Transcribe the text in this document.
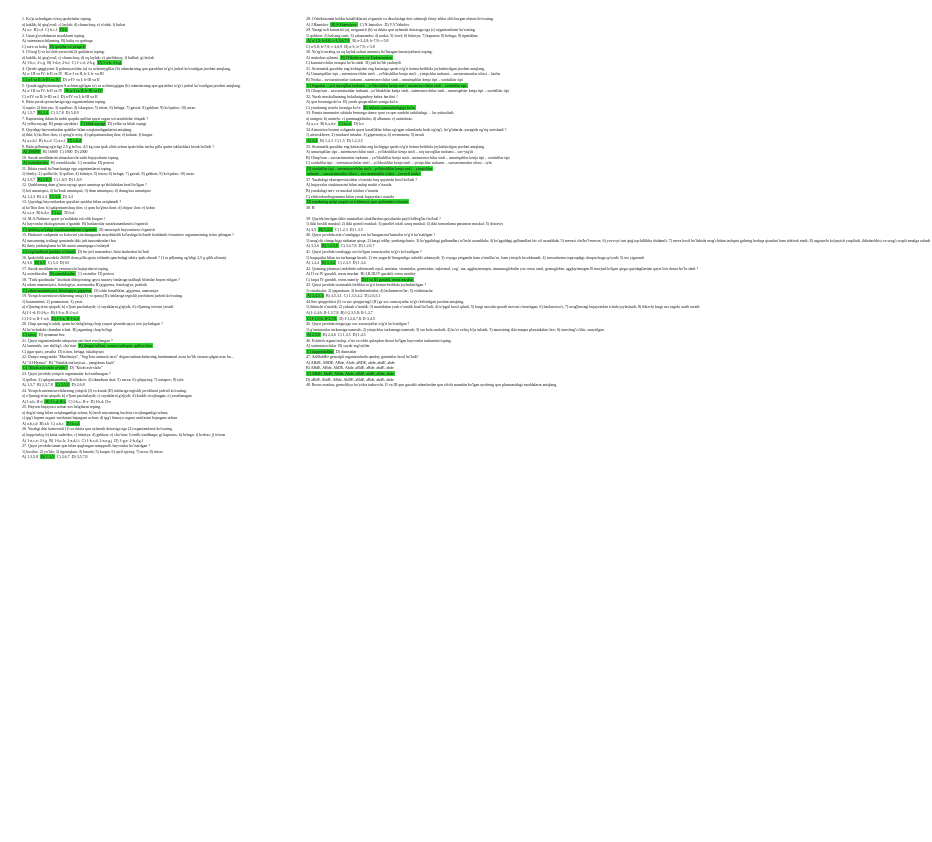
1. Ko'ja uchadigan o'rtoq qushchalar toping.
a) kaklik; b) qirg'ovul; c) laylak; d) chumchuq; e) o'rdak; f) kulrat
A) a,c B) c,d C) b,c,f D) b
2. Uzun g'ovakdaasni suyaklarni toping.
A) sutemizuvchilarning B) baliq va qurbaqa
C) sora va baliq D) qushlar va yirtqich
3. O'troq(1) va ko'chib yuruvchi(2) qushlarni toping.
a) kaklik; b) qirg'ovul; c) chumchuq; d) oq laylak; e) qizilishtoq; f) bulbul; g) laylak
A) 1-b,c; 2-c,g B) 1-d,e; 2-b,f C) 1-c,d; 2-b,g D) 1-a,b; 2-e,g
4. Qizido qaggiyotni I) pafnutyachilar (a) va uchtrmyglilar (b) odamlarning qon guruhlari to'g'ri jadval ko'rsatilgan javobni aniqlang.
A) a- III va IV; b-II va IV B) a-I va II; b-I; b- va III
C) a-I va II; b-III va IV D) a-IV va I; b-III va II
5. Qonda aggluyinonoqen A uchtrmyglilgan (a) va uchtrmyglgan (b) odamlarning qon guruhlari to'g'ri jadval ko'rsatilgan javobni aniqlang.
A) a- III va IV; b-II va IV B) a-I va II; b-III va IV
C) a-IV va II; b-III va I D) a-IV va I; b-III va II
6. Bitta yurak qorinchasiga ega organizmlarni toping.
1) tuptir; 2) bitiryas; 3) aqulliaz; 4) iskarpiya; 5) triton; 6) beluga; 7) gavial; 8) gekkon; 9) ko'rpaloz; 10) arrao
A) 1,5,7 B) 2,4 C) 3,7,8 D) 5,8,9
7. Kapturning ikkinchi tarbh qoqishi qulfini qaysi organ so'rurtalchilar chiqadi ?
A) yelka suyagi B) panja suyaklari C) bilak suyagi D) yelka va bilak suyagi
8. Qoyidagi hayvonlardan qaishlar bilan oziqlanadiganlarini aniqlang.
a) ikki; b) ko'lbor ilon; c) qo'ng'ir ayiq; d) qalqontumshuq ilon; e) kaltaat; f) burgut
A) a,c,b,f B) b,c,d C) a,e,f D) c,b,d
9. Bitta pillaning og'irligi 2,5 g bo'lsa, 4,5 kg toza ipak olish uchun ipakchilar necha pilla qurtni tuhlashlari kerak bo'ladi ?
A) 200000 B) 16000 C) 1800 D) 2000
10. Suvak moddalarini almashuvchi sutki hujayralarni toping.
A) osteoblastlar B) osteoklastlar C) ossinilar D) periost
11. Ikkita yurak bo'lmachasiga ega organizmlarni toping.
1) tibeliy; 2) quilho'sh; 3) qollon; 4) bitiniya; 5) triton; 6) beluga; 7) gavial; 8) gekkon; 9) ko'rpalaz; 10) arrao
A) 3,5,7 B) 2,8,7 C) 1,6,9 D) 1,6,9
12. Qushlarning dum g'arza suyagi qaysi umurtqa qo'shilishidan hosil bo'lgan ?
1) bel umurtqasi; 2) ko'krak umurtqasi; 3) dum umurtqasi; 4) dumg'aza umurtqasi
A) 1,2,3 B) 2,4 C) 3,4 D) 3,4
13. Quyidagi hayvonlardan qaysilari qushlar bilan oziqlanadi ?
a) ko'lbor ilon; b) qalqontumshuq ilon; c) qum bo'g'ma iloni; d) chipor ilon; e) kobra
A) a,c,e B) b,d,e C) a,c D) b,d
14. M.A.Nalimov qaysi yo'nalishda ish olib borgan ?
A) hayvonlar ekologiyasini o'rganish B) hasharotlar zararkunandasini o'rganish
C) qishloq xo'jaligi zararkunandasini o'rganish D) umurtqali hayvonlarni o'rganish
15. Hasharot vadqanda va koloviol yitishmagunda maydaholdi ko'lashiga bo'lanib boshlanib fotosintez organizmining ixtiro qilingan ?
A) tunsonning ixtilingi qontanda ikki juft tunsonkonlari bor
B) ilmiy jaidutiqlanni bo'lib usimi umurtqaga o'xshaydi
C) o'rg'imchirni paishka o'xshadi D) bir juft tunsondori, bitta hushodori bo'ladi
16. Ipakchilik zavodida 26000 dona pilla qayta ishlanib qanchalagi tabiiy ipak olinadi ? (1 ta pillaning og'irligi 2,5 g qilib olinsin)
A) 3,6 B) 6,5 C) 5,4 D) 63
17. Suvak moddalarini yemiruvchi hujayralarni toping.
A) osteoblastlar B) osteoklastlar C) ossinilar D) periost
18. "Tirik qazilmalar" kitobida tibbiyotning qaysi nazariy fanlariga taalluqli bilimlar bayon etilgan ?
A) odam anatomiyasi, fiziologiya, sistematika B) gigiyena, fiziologiya, patfizik
C) odam anatomiyasi, fiziologiya, gigiyena D) ichki kasalliklar, gigiyena, anatomiya
19. Yirtqich sutemizuvchilarning ostig (1) va quziq (II) tishlariga tegishli javoblarni jadvali ko'rsating.
1) kotanimimi; 2) ponanonon; 3) yassi
a) o'ljaning etini qirqadi; b) o'ljani parchalaydi; c) suyaklarni g'ajiydi; d) o'ljaning terisini yirtadi
A) I-1-d; II-2-b,c B) I-3-a; II-2-a,d
C) I-2-a; II-1-a,b D) I-3-a; II-1-b,d
20. Chap qavurg'a oshdi, qorin bo'shlig'ining chap yuqori qismida qaysi a'zo joylashgan ?
A) ko'richakchi chambar ichak B) jagarning chap bo'lagi
C) taloq D) aynaman bez
21. Qaysi organizmlarda oshqozon osti bezi rivojlangan ?
A) lansentik, suv shillig'i, cho'rtan B) dengiz tulkisi, xonuzi sadoqasi, qollon ilon
C) jigar qurti, yassiha D) triton, beluga, tukabqvuzi
22. Dunyo mugyusida "Muslimiya", "Sog'lom turmush tarzi" degan tushunchalarning fundamental asosi bo'lib xizmat qilgan asar bu...
A) "Al-Hymos" B) "Vabalik ma'rayisui – yangilmas kuch"
C) "Kitob ash-shifo al-tibb" D) "Kitob ash-shifo"
23. Qaysi javobda yirtqich organizmlar ko'rsatilmagan ?
1) qollon; 2) qalqontumshuq; 3) tilloko'z; 4) tikanduan skat; 5) xarxa; 6) qilquyruq; 7) tonapov; 8) tyln
A) 1,5,7 B) 2,3,7,8 C) 3,5,8 D) 2,6,8
24. Yirtqich sutemizuvchilarning yirtqich (I) va kurak (II) tishlariga tegishli javoblarni jadvali ko'rsating.
a) o'ljaning etini qirqadi; b) o'ljani parchalaydi; c) suyaklarni g'ajiydi; d) kuchli rivojlangan; e) yassilanagan
A) I-a,b; II-d B) I-c,d; II-a C) I-b,c; II-e D) I-b,d; II-e
25. Hayvon hujayrasi uchun xos belgilarni toping.
a) dog'al sinig bilan oziqlanganligi uchun; b) bosh miyasining kuchsiz rivojlanganligi uchun;
c) ipg'i hujaen organi vazifasini bajargani uchun; d) ipg'i himoya organi vazifasini bajargani uchun
A) a,b,c,d B) a,b C) a,b,c D) b,c,d
26. Yurakgi ikki kameraali (1) va ikkita qon aylanish doirasiga ega (2) organizmlarni ko'rsating.
a) laqqa baliq; b) katta sadefdor; c) bitiniya; d) gekkon; e) cho'rtan; f) tenlli tomhbaga; g) kapiarus; h) beluga; i) kvshas; j) tritons
A) 1-a,c,e; 2-f,g B) 1-b,c,h; 2-a,d,f,i C) 1-b,c,d; 2-a,e,g,j D) 1-g,e; 2-h,d,g,f
27. Qaysi javobda tumat qon bilan quglangan noaqquolli hayvonlar ko'rsatilgan ?
1) kosiloz; 2) yo'ldo; 3) tiganiqkan; 4) kurash; 5) kuqan; 6) qizil qiyruq; 7) uron; 8) triton
A) 1,3,5,8 B) 1,3,5 C) 2,6,7 D) 3,5,7,8
28. O'zbekistonda holdar kasalliklarini o'rganish va davolashga doir salmoqli ilmiy ishlar olib borgan olimni ko'rsating.
A) J.Hamidov B) S.Shamsiyev C) N.Ismoilov D) V.V.Vahidov
29. Yuragi uch kamerali (a), nerguzarli (b) va ikkita qon aylanish doirasiga ega (c) organizmlarni ko'rsating.
1) qokkon; 2) kalsang sutir; 3) salamandra; 4) norka; 5) forel; 6) bitiniya; 7) kapaton; 8) beluga; 9) tipmiklan;
A) a-1,3; b-4,8; c-1,3,6,7,9 B) a-3,4,8; b-7,9; c-5,8
C) a-5,8; b-7,9; c-2,6,9 D) a-3; b-7,9; c-3,8
30. Yo'rg'a tuvalog va oq laylak uchun umumiy bo'lmagan hususiyatlarni toping.
A) mukobus qilmasi B) O'zbekiston va Turkmaniston
C) kamiruvchilar ozuqasi bo'la oladi D) juft bo'lib yashaydi
31. Sistematik guruhlar eng kichigidan eng kattasiga qarab to'g'ri ketma-ketlikda joylashtirilgan javobni aniqlang.
A) Umurtqalilar tipi – sutemizuvchilar sinfi – yo'ldoshlilar kenja sinfi – yirtqichlar turkumi – suvsarsimonlar oilasi – latcha
B) Norka – suvsarsimonlar turkumi –sutemizuvchilar sinfi – umurtqalilar kenja tipi – xordalilar tipi
C) Sugurlar – juft tuyoqlilar turkumi – yo'ldoshlilar kenja sinfi- sutemizuvchilar sinfi – xordalilar tipi
D) Olaqo'zan – suvsarsimonlar turkumi –yo'ldoshlilar kenja sinfi– sutemizuvchilar sinfi – umurtqalilar kenja tipi – xordalilar tipi
32. Yurak muskullarining holatlarigamboy bahor berilari ?
A) qon bosimiga ko'ra B) yurak qisqarishlari soniga ko'ra
C) yurakning sistola fazasiga ko'ra D) ishlash samaradorligiga ko'ra
33. Pansiz immunitet sifatida bemorga donor qoni va qon zardobi tarkibidagi ... lar yuboriladi.
a) antigen; b) antitelo; c) gammaglobulin; d) albumin; e) antitoksin;
A) a,c,e B) b,a,d,e C) b,c,e D) b,e
34.Atmosfera bosimi oshganda qaysi kasalliklar bilan og'rigan odamlarda bosh og'rig'i, bo'g'inlarda, yuragida og'riq sezishadi ?
1) aterosklerez; 2) miokard infarkti; 3) gipertoniya; 4) revmatizm; 5) insult
A) 3,4 B) 1,2,3 C) 1,5 D) 1,2,3,5
35. Sistematik guruhlar eng kattasidan eng kichigiga qarab to'g'ri ketma-ketlikda joylashtirilgan javobni aniqlang.
A) umurtqalilar tipi – sutemizuvchilar sinfi – yo'ldoshlilar kenja sinfi – toq tuyoqlilar turkumi – suv-yig'iti
B) Olaqo'zan – suvsarsimonlar turkumi – yo'ldoshlilar kenja sinfi– sutemizuvchilar sinfi – umurtqalilar kenja tipi – xordalilar tipi
C) xordalilar tipi – sutemizuvchilar sinfi – yo'ldoshlilar kenja sinfi – yirtqichlar turkumi – suvsarsimonlar oilasi – tyln
D) xordalilar tipi – sutemizuvchilar sinfi – yo'ldoshlilar kenja sinfi – yirtqichlar
turkumi – suvsarsimonlar oilasi – suvsarsimonlar oilasi – yuvuvli norka
37. Yurakdagi ekstrapersistolalar o'rtasida farq qaysinda hosil bo'ladi ?
A) hujayralar strukturasini bilan tashqi muhit o'rtasida
B) yurakdagi nerv va muskul tolalari o'rtasida
C) elektrokardiogramma bilan yurak hujayralari orasida
D) yurakning qolqi yuqori va ichtimoyo qon qatlamlari o'rtasida
38. B
39. Quyida berilgan ikkit muskullari shakllardan qaysilarida payli bilbog'lari bo'ladi ?
1) ikki boshli muskul; 2) ikki qorinli muskul; 3) parallel tolali ozuq muskul; 4) ikki tomonlama patsimon muskul; 5) doiraviy
A) 3,5 B) 1,2,4 C) 1,2,3 D) 1,3,5
40. Qaysi javobda nok o'simligiga xos bo'lmagan ma'lumotlar to'g'ri ko'rsatilgan ?
1) urug'chi changchiga nisbatan qisqa; 2) bargi oddiy, yonbargchasiz; 3) ko'pgulidagi gulbandlari to'lachi uzunlikda; 4) ko'pguldagi gulbandlari bir xil uzunlikda; 5) mevasi cho'bo'l-mevas; 6) yovvoyi turi qirg'oqchillikka chidamli; 7) meva hosil bo'lishida urug'chidan tashqari gulning boshqa qismlari ham ishtirok etadi; 8) urgatuvlo ko'payish yuqtiladi, ildizbachkisi va urug'i orqali amalga oshadi
A) 3,5,6 B) 1,3,5,8 C) 3,4,7,8 D) 1,2,6,7
41. Qaysi javobda tuvalogga xos bo'lgan xususiyatlar to'g'ri ko'rsatilgan ?
1) haqiqatlar bilan tor turkumga kiradi; 2) tez yugurib 'lmaganligo suhobli uchmaydi; 3) voyaga yetganda ham o'simliko'ro, ham yirtqich hisoblanadi; 4) tarxonlarrim tuproqdagi chuqurchaga qo'yadi; 5) tez yigurauli
A) 1,2,4 B) 1,3,4 C) 2,3,5 D) 1,3,4
42. Qonning plazmasi tarkibida uchtemanli oqsil, antitana, vitaminlar, gormonlar, oqlavmal, yog', tuz, aggluyinonqen, immunoglobulin yoz rezus omil, gemoglobin, aggluyinnogen B mavjud bo'lgan qizga quyidagilardan qaysi biri donor bo'la oladi ?
A) II va IV guruhli, rezus musbat B) I,II,III,IV guruhli, rezus musbty
C) faqat IV guruhli, rezus manfiy D) I va III guruhli, rezus musbat
43. Qaysi javobda sistematik birliklar to'g'ri ketma-ketlikda joylashtirilgan ?
1) sistakislar; 2) ipqanduan; 3) bodinlanlonlar; 4) lashumeroo'lar; 5) echkimarlar
A) 2,4,5,3 B) 4,5,3,1 C) 1,3,5,4,2 D) 2,6,5,1
44.Suv qirqqichiisi (I) va suv qirqquring'i (II) ga xos xususiyatlar to'g'ri keltirilgan javobni aniqlang.
1) ikkinchi o'simlik; 2) yuksak o'simlik; 3) murtakdan yosh o'simlik hosil bo'ladi; 4) to'pgul hosil qiladi; 5) bargi asosida sporali mevasi o'rnashgan; 6) hasharotxo'r; 7) urug'kurtagi hujayraidan ichida joylashadi; 8) ildizchi bargi suv tagida suzib turadi
A) I-2,4,6; II-1,3,7,8 B) I-2,3,5,8; II-1,2,7
C) I-1,5,6; II-2,7,8 D) I-1,2,6,7,8; II-3,4,5
45. Qaysi javobda noqqoyga xos xususiyatlar to'g'ri ko'rsatilgan ?
1) g'umimonlar turkumiga mansub; 2) yirtqichlar turkumiga mansub; 3) sut bola ozuladi; 4) ko'zi ochiq lo'ja tuliadi; 5) tanasining ikla maquz plastinkalari bor; 6) tumshug'i o'tkir, uzaytilgan
A) 2,3,6 B) 2,4,6 C) 1,3,5 D) 1,4,5
46. Eshitish organi tashqi, o'rta va ichki qulaqdan iborat bo'lgan hayvonlar turkumini toping.
A) sutemizuvchilar B) suyak-tog'oylilar
C) tuqqondalilar D) dumsizlar
47. AaBbddEe genotipli organizmlarda qanday gametalar hosil bo'ladi?
A) ABdE, ABDE, ABde, Abde, aBDE, abde, abdE, abde
B) ABdE, ABde, AbDE, Abde, aBdE, aBde, abdE, abde
C) ABdE, AbdE, ABde, Abde, aBdE, abdE, aBde, abde
D) aBdE, AbdE, ABde, AbDE, aBdE, aBde, abdE, abde
48. Rezus musbat, gemofiliya bo'yicha tashuvchi, II va III qon guruhli odamlardan qon olishi mumkin bo'lgan ayolning qon plazmasidagi moddalarni aniqlang.
